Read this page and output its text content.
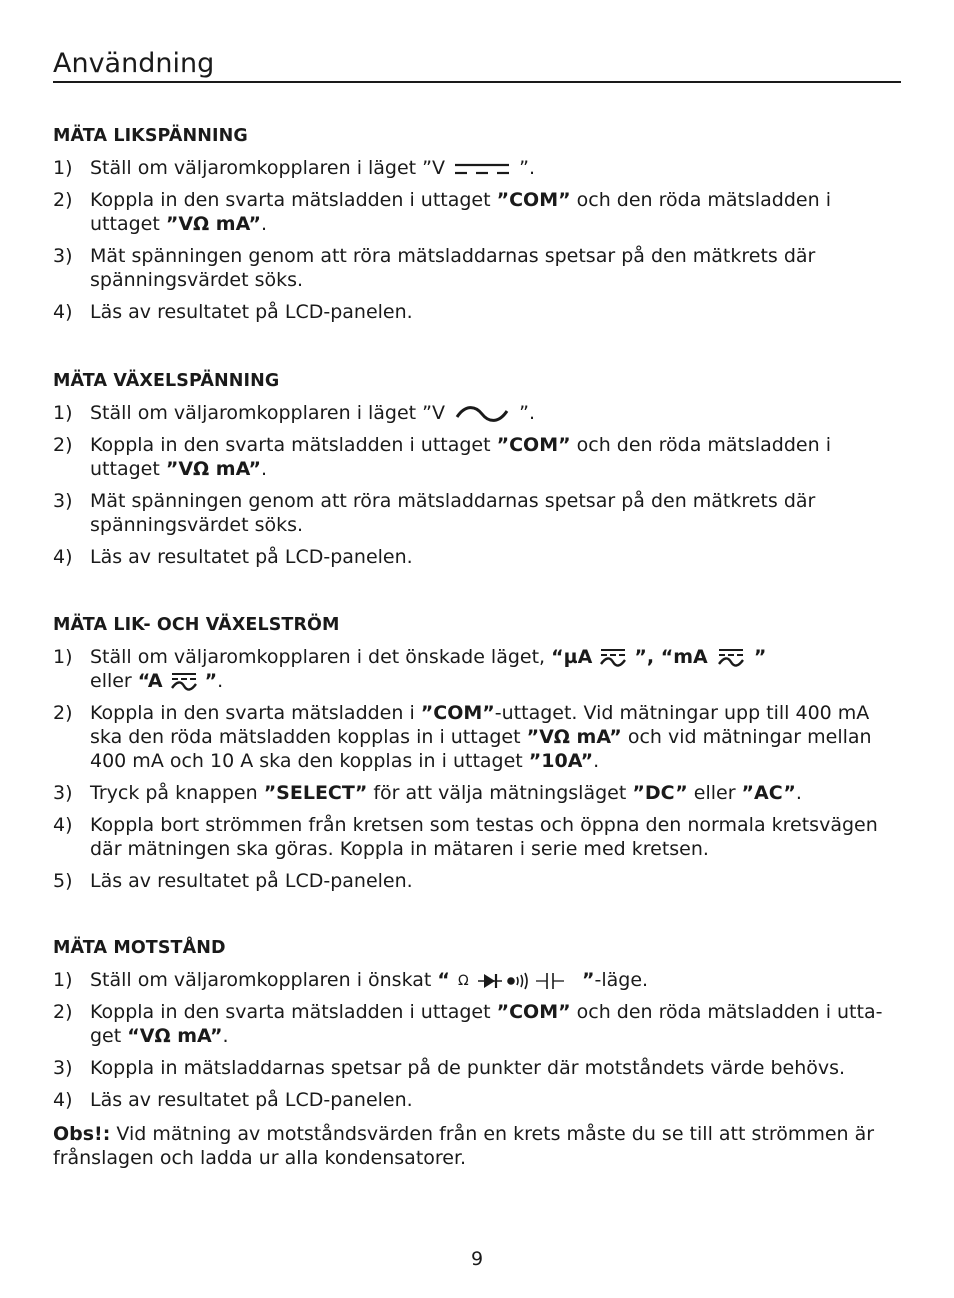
Användning
MÄTA LIKSPÄNNING
1) Ställ om väljaromkopplaren i läget ”V	”.
2) Koppla in den svarta mätsladden i uttaget ”COM” och den röda mätsladden i uttaget ”VΩ mA”.
3) Mät spänningen genom att röra mätsladdarnas spetsar på den mätkrets där spänningsvärdet söks.
4) Läs av resultatet på LCD-panelen.
MÄTA VÄXELSPÄNNING
1) Ställ om väljaromkopplaren i läget ”V	”.
2) Koppla in den svarta mätsladden i uttaget ”COM” och den röda mätsladden i uttaget ”VΩ mA”.
3) Mät spänningen genom att röra mätsladdarnas spetsar på den mätkrets där spänningsvärdet söks.
4) Läs av resultatet på LCD-panelen.
MÄTA LIK- OCH VÄXELSTRÖM
1) Ställ om väljaromkopplaren i det önskade läget, “µA ”, “mA ”
eller “A ”.
2) Koppla in den svarta mätsladden i ”COM”-uttaget. Vid mätningar upp till 400 mA ska den röda mätsladden kopplas in i uttaget ”VΩ mA” och vid mätningar mellan 400 mA och 10 A ska den kopplas in i uttaget ”10A”.
3) Tryck på knappen ”SELECT” för att välja mätningsläget ”DC” eller ”AC”.
4) Koppla bort strömmen från kretsen som testas och öppna den normala kretsvägen där mätningen ska göras. Koppla in mätaren i serie med kretsen.
5) Läs av resultatet på LCD-panelen.
MÄTA MOTSTÅND
1) Ställ om väljaromkopplaren i önskat “ Ω	”-läge.
2) Koppla in den svarta mätsladden i uttaget ”COM” och den röda mätsladden i utta-get “VΩ mA”.
3) Koppla in mätsladdarnas spetsar på de punkter där motståndets värde behövs.
4) Läs av resultatet på LCD-panelen.

Obs!: Vid mätning av motståndsvärden från en krets måste du se till att strömmen är frånslagen och ladda ur alla kondensatorer.

9
